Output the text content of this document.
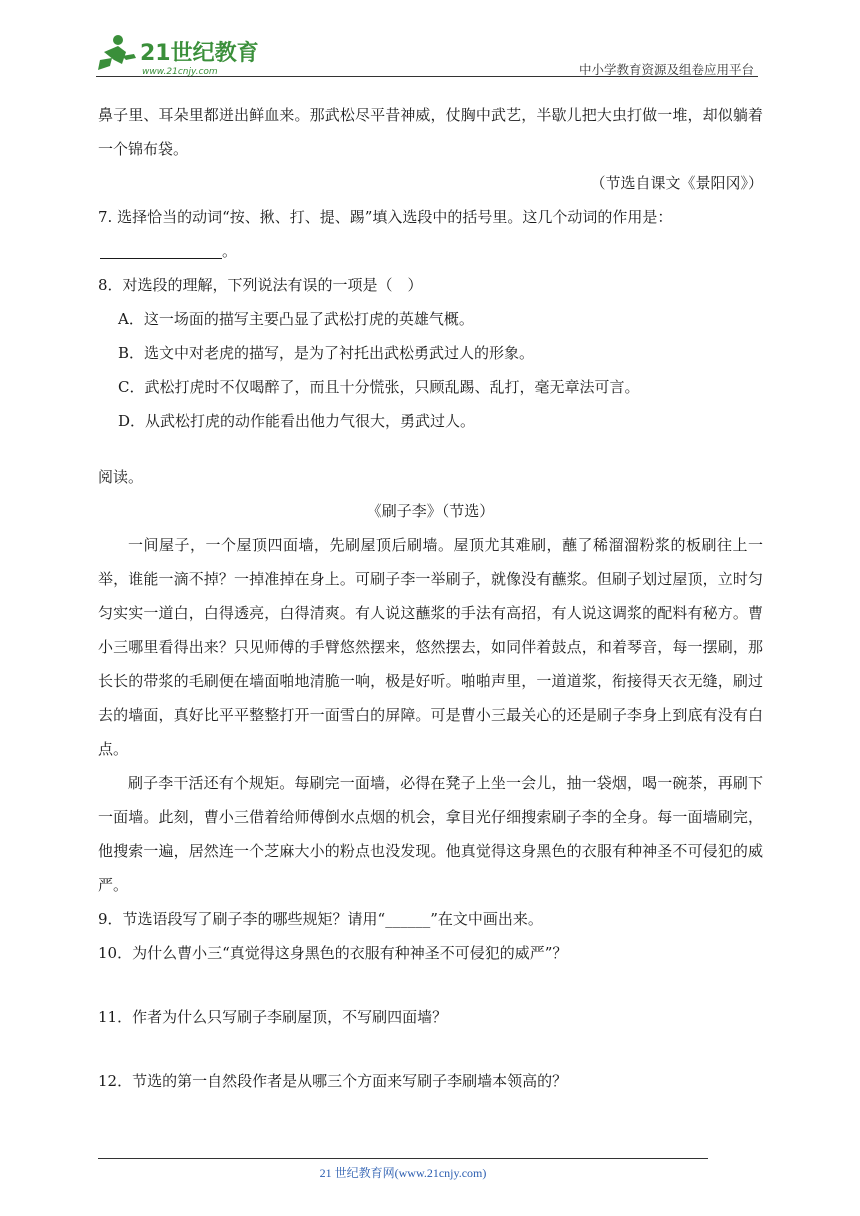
21世纪教育
www.21cnjy.com	中小学教育资源及组卷应用平台

鼻子里、耳朵里都迸出鲜血来。那武松尽平昔神威，仗胸中武艺，半歇儿把大虫打做一堆，却似躺着一个锦布袋。

（节选自课文《景阳冈》）

7. 选择恰当的动词“按、揪、打、提、踢”填入选段中的括号里。这几个动词的作用是：。

8．对选段的理解，下列说法有误的一项是（　）

A．这一场面的描写主要凸显了武松打虎的英雄气概。

B．选文中对老虎的描写，是为了衬托出武松勇武过人的形象。

C．武松打虎时不仅喝醉了，而且十分慌张，只顾乱踢、乱打，毫无章法可言。

D．从武松打虎的动作能看出他力气很大，勇武过人。

阅读。

《刷子李》（节选）

一间屋子，一个屋顶四面墙，先刷屋顶后刷墙。屋顶尤其难刷，蘸了稀溜溜粉浆的板刷往上一举，谁能一滴不掉？一掉准掉在身上。可刷子李一举刷子，就像没有蘸浆。但刷子划过屋顶，立时匀匀实实一道白，白得透亮，白得清爽。有人说这蘸浆的手法有高招，有人说这调浆的配料有秘方。曹小三哪里看得出来？只见师傅的手臂悠然摆来，悠然摆去，如同伴着鼓点，和着琴音，每一摆刷，那长长的带浆的毛刷便在墙面啪地清脆一响，极是好听。啪啪声里，一道道浆，衔接得天衣无缝，刷过去的墙面，真好比平平整整打开一面雪白的屏障。可是曹小三最关心的还是刷子李身上到底有没有白点。

刷子李干活还有个规矩。每刷完一面墙，必得在凳子上坐一会儿，抽一袋烟，喝一碗茶，再刷下一面墙。此刻，曹小三借着给师傅倒水点烟的机会，拿目光仔细搜索刷子李的全身。每一面墙刷完，他搜索一遍，居然连一个芝麻大小的粉点也没发现。他真觉得这身黑色的衣服有种神圣不可侵犯的威严。

9．节选语段写了刷子李的哪些规矩？请用“______”在文中画出来。

10．为什么曹小三“真觉得这身黑色的衣服有种神圣不可侵犯的威严”？

11．作者为什么只写刷子李刷屋顶，不写刷四面墙？

12．节选的第一自然段作者是从哪三个方面来写刷子李刷墙本领高的？

21 世纪教育网(www.21cnjy.com)
